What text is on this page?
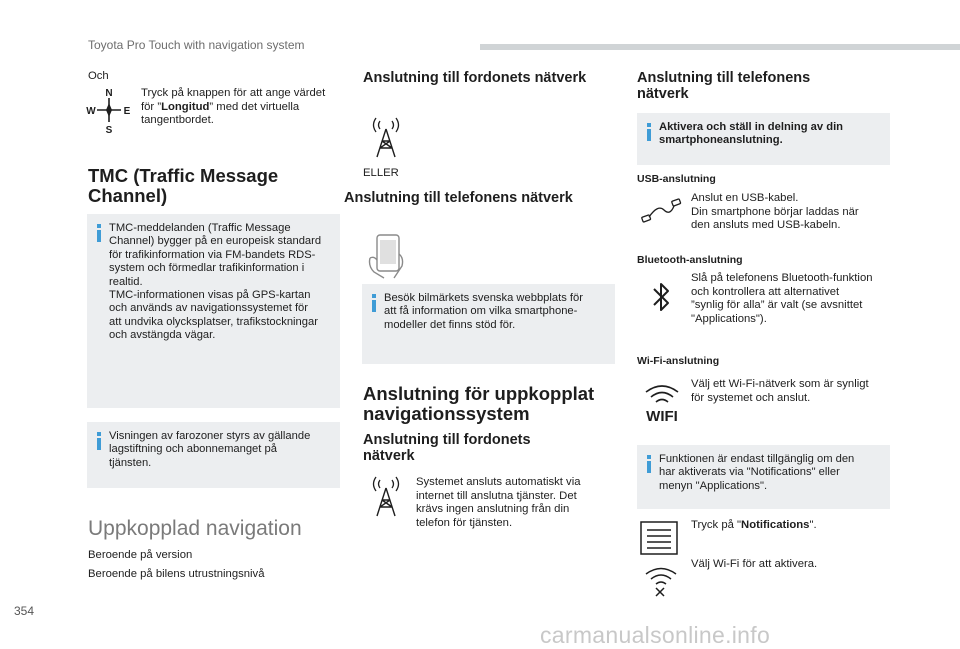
Toyota Pro Touch with navigation system
Och
N
W	E
S
Tryck på knappen för att ange värdet för ”Longitud” med det virtuella tangentbordet.
TMC (Traffic Message
Channel)
TMC-meddelanden (Traffic Message
Channel) bygger på en europeisk standard
för trafikinformation via FM-bandets RDS-
system och förmedlar trafikinformation i
realtid.
TMC-informationen visas på GPS-kartan
och används av navigationssystemet för
att undvika olycksplatser, trafikstockningar
och avstängda vägar.
Visningen av farozoner styrs av gällande
lagstiftning och abonnemanget på
tjänsten.
Uppkopplad navigation
Beroende på version
Beroende på bilens utrustningsnivå
Anslutning till fordonets nätverk
ELLER
Anslutning till telefonens nätverk
Besök bilmärkets svenska webbplats för
att få information om vilka smartphone-
modeller det finns stöd för.
Anslutning för uppkopplat
navigationssystem
Anslutning till fordonets
nätverk
Systemet ansluts automatiskt via
internet till anslutna tjänster. Det
krävs ingen anslutning från din
telefon för tjänsten.
Anslutning till telefonens
nätverk
Aktivera och ställ in delning av din
smartphoneanslutning.
USB-anslutning
Anslut en USB-kabel.
Din smartphone börjar laddas när
den ansluts med USB-kabeln.
Bluetooth-anslutning
Slå på telefonens Bluetooth-funktion
och kontrollera att alternativet
”synlig för alla” är valt (se avsnittet
"Applications").
Wi-Fi-anslutning
WIFI
Välj ett Wi-Fi-nätverk som är synligt
för systemet och anslut.
Funktionen är endast tillgänglig om den
har aktiverats via "Notifications" eller
menyn "Applications".
Tryck på "Notifications".
Välj Wi-Fi för att aktivera.
354
carmanualsonline.info
